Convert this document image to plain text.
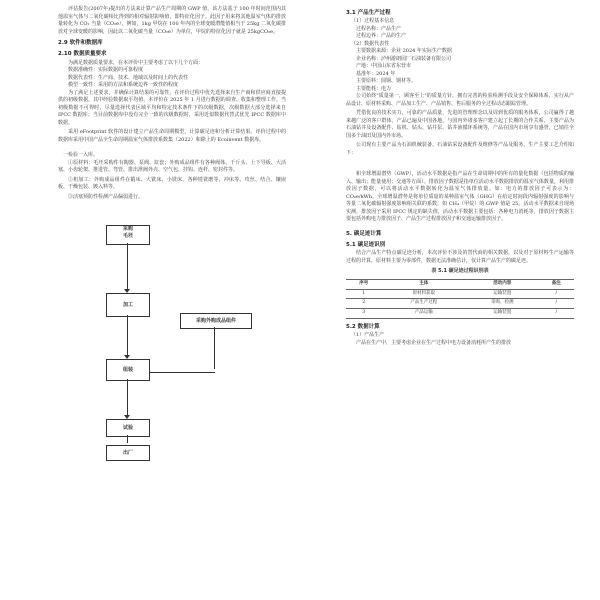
评估报告(2007年)提出的方法来计算产品生产周期的 GWP 值，该方法基于 100 年时间范围内其他温室气体与二氧化碳相比得到的相对辐射影响值，即特征化因子。此因子用来将其他温室气体的排放量转化为 CO₂ 当量（CO₂e），例如，1kg 甲烷在 100 年内的全球变暖潜能值相当于 25kg 二氧化碳排放对全球变暖的影响，因此以二氧化碳当量（CO₂e）为单位，甲烷的特征化因子就是 25kgCO₂e。

2.9 软件和数据库
2.10 数据质量要求

为满足数据质量要求，在本评价中主要考虑了以下几个方面：

数据准确性：实际数据的可靠程度

数据代表性：生产商、技术、地域以及时间上的代表性

模型一致性：采用的方法和系统边界一致性的程度

为了满足上述要求，并确保计算结果的可靠性，在评价过程中优先选择来自生产商和供应商直接提供的初级数据，其中经验数据取平均值，本评价在 2025 年 1 月进行数据的调查、收集和整理工作。当初级数据不可得时，尽量选择代表区域平均和特定技术条件下的次级数据，次级数据大部分选择来自 IPCC 数据库；当目前数据库中没有完全一致的次级数据时，采用近似数据代替式优先 IPCC 数据库中数据。

采用 eFootprint 软件的设计建立产品生命周期模型，计算碳足迹和分析计算结果。评价过程中的数据库采用中国产品全生命周期温室气体排放系数集（2022）和除上的 Ecoinvent 数据库。

一检验一入库。

①原材料：毛坯采购件有陶器、泵阀、缸套；外购成品组件有各种阀体、千斤头、上下导板、大活塞、小齿轮架、推进管、弯管、排出泄阀外壳、空气包、挂钩、连杆、密封件等。

②机加工：外购成品组件在锻床、大铣床、小铣床、各种镗铣磨等、冲床等、攻丝、结合、镶嵌板、干燥包装、镀入料等。

③活塞预防性检测产品偏弱进行。

采购
毛坯
加工
采购外购成品组件
组装
试验
出厂
3.1 产品生产过程

（1）过程基本信息

过程名称：产品生产

过程边界：产品的生产

（2）数据代表性

主要数据来源：企业 2024 年实际生产数据

企业名称：泸州游朗园厂石油装备有限公司

产地：中国山东省东营市

基准年：2024 年

主要原料：圆钢、钢材等。

主要能耗：电力

公司始终"质量第一，顾客至上"的质量方针，拥有完善的检验检测手段及安全保障体系，实行从产品设计、原材料采购、产品加工生产、产品销售、售后服务的全过程动态跟踪管理。

凭借优良的技术实力，可靠的产品质量，先进的管理理念以及周到优质的服务体系，公司赢得了越来越广泛的客户群体，产品已遍及中国各地，与国内外诸多客户建立起了长期的合作关系，主要产品为石油钻井及设备配件、钻机、钻头、钻井泵、钻井液循环系统等，产品在国内市场享有盛誉，已销往全国多个油田及国内外市场。

公司现有主要产品为石油机械装备、石油钻采设备配件及维修等产品及服务。生产主要工艺介绍如下：

和全球增温潜势（GWP），活动水平数据是指产品在生命周期中的所有的量化数据（包括物质的输入、输出；能量使用；交通等方面）。排放因子数据是指单位活动水平数据排放的温室气体数量，利用排放因子数据，可以将活动水平数据转化为温室气体排放量。如：电力的排放因子可表示为：CO₂e/kWh。全球增温潜势是将单位质量的某种温室气体（GHG）在给定时间段内辐射强度的影响与等量二氧化碳辐射强度影响相关联的系数，如 CH₄（甲烷）的 GWP 值是 25。活动水平数据来自现场实测，排放因子采用 IPCC 规定的缺失值，活动水平数据主要包括：各种电力消耗等，排放因子数据主要包括外购电力排放因子、产品生产过程排放因子和交通运输排放因子。

5. 碳足迹计算
5.1 碳足迹识别

结合产品生产特点碳足迹分析，本次评价不涉及的替代商的相关数据，以及对于原材料生产运输等过程的计算，原材料主要为零部件，数据无法准确估计，仅计算产品生产的碳足迹。

表 5.1 碳足迹过程识别表
序号	主体	活动内容	备注
1	原材料获取	运输装置	/
2	产品生产过程	采购、检测	/
3	产品运输	运输装置	/
5.2 数据计算

（1）产品生产

产品在生产中，主要考虑企业在生产过程中电力设备消耗所产生的排放
